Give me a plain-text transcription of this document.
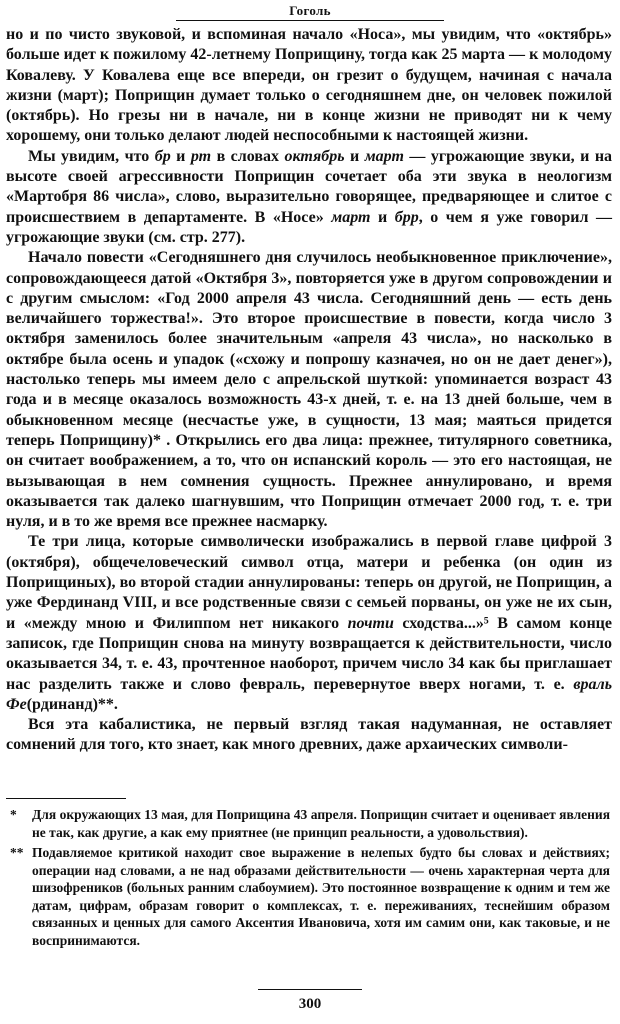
Гоголь

но и по чисто звуковой, и вспоминая начало «Носа», мы увидим, что «октябрь» больше идет к пожилому 42-летнему Поприщину, тогда как 25 марта — к молодому Ковалеву. У Ковалева еще все впереди, он грезит о будущем, начиная с начала жизни (март); Поприщин думает только о сегодняшнем дне, он человек пожилой (октябрь). Но грезы ни в начале, ни в конце жизни не приводят ни к чему хорошему, они только делают людей неспособными к настоящей жизни.

Мы увидим, что бр и рт в словах октябрь и март — угрожающие звуки, и на высоте своей агрессивности Поприщин сочетает оба эти звука в неологизм «Мартобря 86 числа», слово, выразительно говорящее, предваряющее и слитое с происшествием в департаменте. В «Носе» март и брр, о чем я уже говорил — угрожающие звуки (см. стр. 277).

Начало повести «Сегодняшнего дня случилось необыкновенное приключение», сопровождающееся датой «Октября 3», повторяется уже в другом сопровождении и с другим смыслом: «Год 2000 апреля 43 числа. Сегодняшний день — есть день величайшего торжества!». Это второе происшествие в повести, когда число 3 октября заменилось более значительным «апреля 43 числа», но насколько в октябре была осень и упадок («схожу и попрошу казначея, но он не дает денег»), настолько теперь мы имеем дело с апрельской шуткой: упоминается возраст 43 года и в месяце оказалось возможность 43-х дней, т. е. на 13 дней больше, чем в обыкновенном месяце (несчастье уже, в сущности, 13 мая; маяться придется теперь Поприщину)* . Открылись его два лица: прежнее, титулярного советника, он считает воображением, а то, что он испанский король — это его настоящая, не вызывающая в нем сомнения сущность. Прежнее аннулировано, и время оказывается так далеко шагнувшим, что Поприщин отмечает 2000 год, т. е. три нуля, и в то же время все прежнее насмарку.

Те три лица, которые символически изображались в первой главе цифрой 3 (октября), общечеловеческий символ отца, матери и ребенка (он один из Поприщиных), во второй стадии аннулированы: теперь он другой, не Поприщин, а уже Фердинанд VIII, и все родственные связи с семьей порваны, он уже не их сын, и «между мною и Филиппом нет никакого почти сходства...»⁵ В самом конце записок, где Поприщин снова на минуту возвращается к действительности, число оказывается 34, т. е. 43, прочтенное наоборот, причем число 34 как бы приглашает нас разделить также и слово февраль, перевернутое вверх ногами, т. е. враль Фе(рдинанд)**.

Вся эта кабалистика, не первый взгляд такая надуманная, не оставляет сомнений для того, кто знает, как много древних, даже архаических символи-

* Для окружающих 13 мая, для Поприщина 43 апреля. Поприщин считает и оценивает явления не так, как другие, а как ему приятнее (не принцип реальности, а удовольствия).
** Подавляемое критикой находит свое выражение в нелепых будто бы словах и действиях; операции над словами, а не над образами действительности — очень характерная черта для шизофреников (больных ранним слабоумием). Это постоянное возвращение к одним и тем же датам, цифрам, образам говорит о комплексах, т. е. переживаниях, теснейшим образом связанных и ценных для самого Аксентия Ивановича, хотя им самим они, как таковые, и не воспринимаются.
300
